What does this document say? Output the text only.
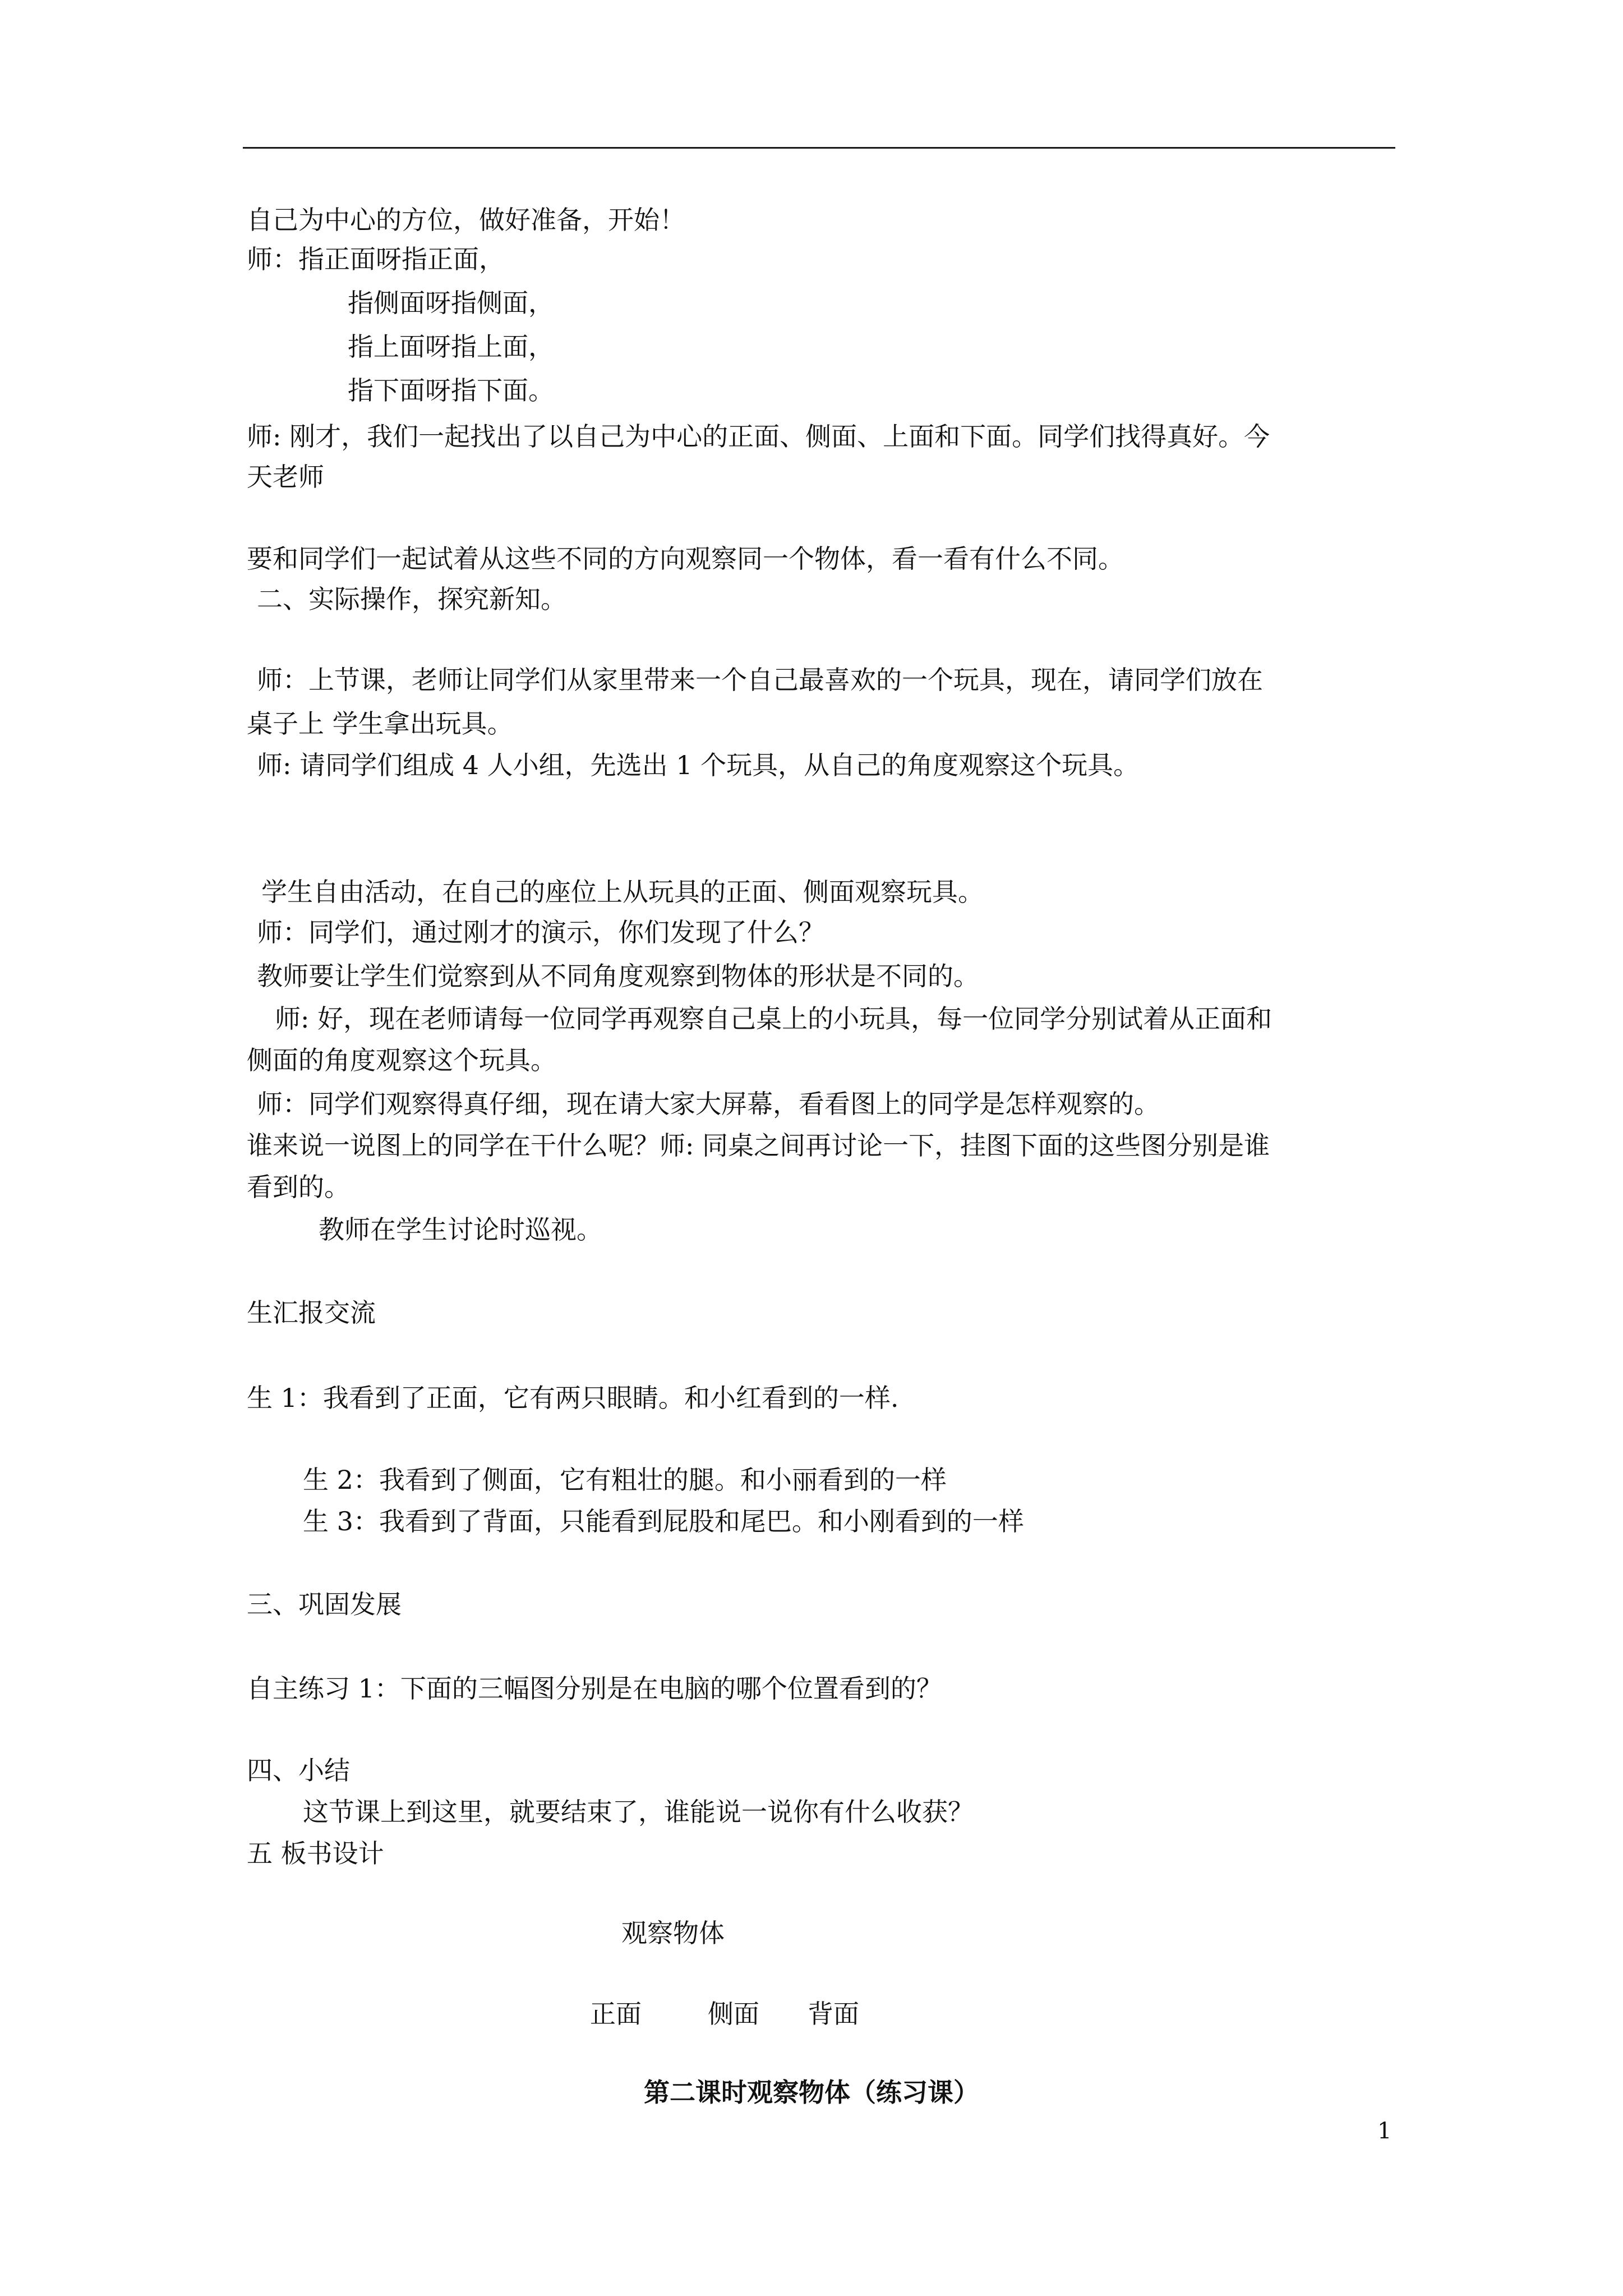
自己为中心的方位，做好准备，开始！
师：指正面呀指正面，
指侧面呀指侧面，
指上面呀指上面，
指下面呀指下面。
师: 刚才，我们一起找出了以自己为中心的正面、侧面、上面和下面。同学们找得真好。今
天老师
要和同学们一起试着从这些不同的方向观察同一个物体，看一看有什么不同。
二、实际操作，探究新知。
师：上节课，老师让同学们从家里带来一个自己最喜欢的一个玩具，现在，请同学们放在
桌子上 学生拿出玩具。
师: 请同学们组成 4 人小组，先选出 1 个玩具，从自己的角度观察这个玩具。
学生自由活动，在自己的座位上从玩具的正面、侧面观察玩具。
师：同学们，通过刚才的演示，你们发现了什么？
教师要让学生们觉察到从不同角度观察到物体的形状是不同的。
师: 好，现在老师请每一位同学再观察自己桌上的小玩具，每一位同学分别试着从正面和
侧面的角度观察这个玩具。
师：同学们观察得真仔细，现在请大家大屏幕，看看图上的同学是怎样观察的。
谁来说一说图上的同学在干什么呢？师: 同桌之间再讨论一下，挂图下面的这些图分别是谁
看到的。
教师在学生讨论时巡视。
生汇报交流
生 1：我看到了正面，它有两只眼睛。和小红看到的一样.
生 2：我看到了侧面，它有粗壮的腿。和小丽看到的一样
生 3：我看到了背面，只能看到屁股和尾巴。和小刚看到的一样
三、巩固发展
自主练习 1：下面的三幅图分别是在电脑的哪个位置看到的？
四、小结
这节课上到这里，就要结束了，谁能说一说你有什么收获？
五 板书设计
观察物体
正面	侧面 背面
第二课时观察物体（练习课）
1
